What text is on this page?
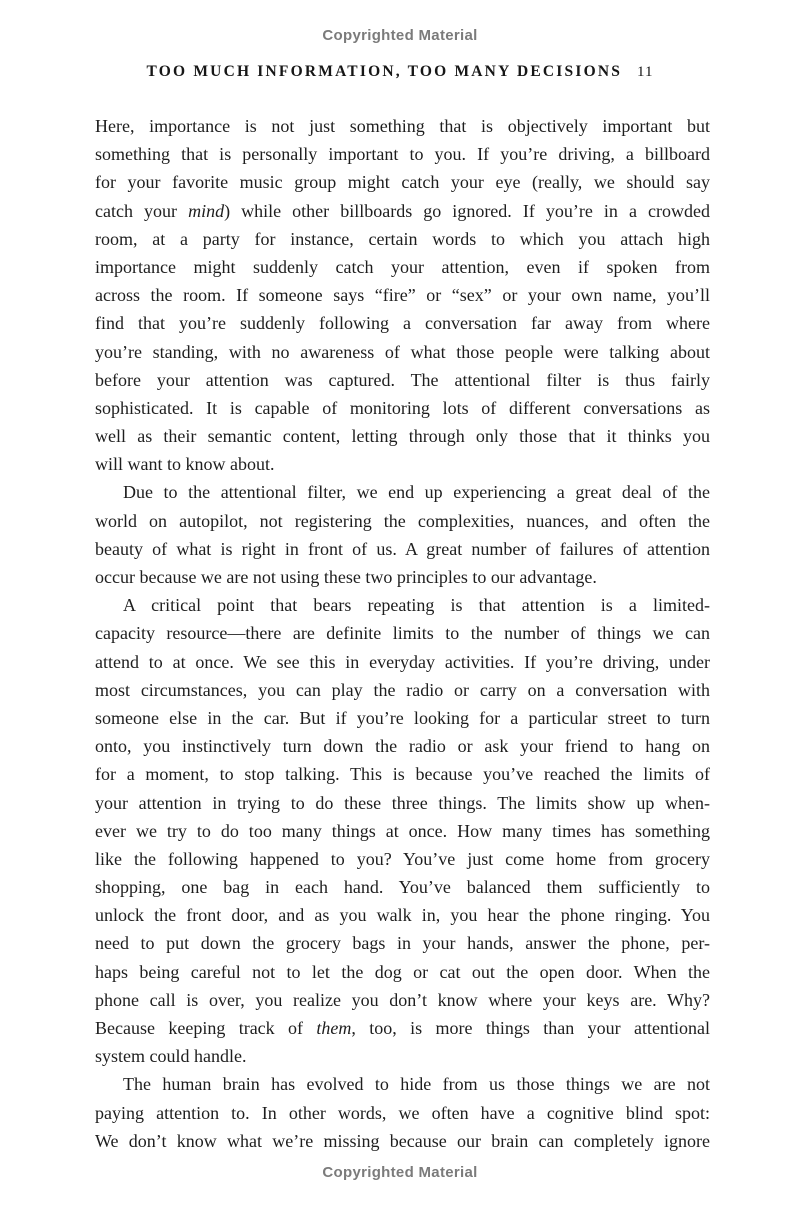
Copyrighted Material
TOO MUCH INFORMATION, TOO MANY DECISIONS 11
Here, importance is not just something that is objectively important but
something that is personally important to you. If you’re driving, a billboard
for your favorite music group might catch your eye (really, we should say
catch your mind) while other billboards go ignored. If you’re in a crowded
room, at a party for instance, certain words to which you attach high
importance might suddenly catch your attention, even if spoken from
across the room. If someone says “fire” or “sex” or your own name, you’ll
find that you’re suddenly following a conversation far away from where
you’re standing, with no awareness of what those people were talking about
before your attention was captured. The attentional filter is thus fairly
sophisticated. It is capable of monitoring lots of different conversations as
well as their semantic content, letting through only those that it thinks you
will want to know about.
Due to the attentional filter, we end up experiencing a great deal of the
world on autopilot, not registering the complexities, nuances, and often the
beauty of what is right in front of us. A great number of failures of attention
occur because we are not using these two principles to our advantage.
A critical point that bears repeating is that attention is a limited-
capacity resource—there are definite limits to the number of things we can
attend to at once. We see this in everyday activities. If you’re driving, under
most circumstances, you can play the radio or carry on a conversation with
someone else in the car. But if you’re looking for a particular street to turn
onto, you instinctively turn down the radio or ask your friend to hang on
for a moment, to stop talking. This is because you’ve reached the limits of
your attention in trying to do these three things. The limits show up when-
ever we try to do too many things at once. How many times has something
like the following happened to you? You’ve just come home from grocery
shopping, one bag in each hand. You’ve balanced them sufficiently to
unlock the front door, and as you walk in, you hear the phone ringing. You
need to put down the grocery bags in your hands, answer the phone, per-
haps being careful not to let the dog or cat out the open door. When the
phone call is over, you realize you don’t know where your keys are. Why?
Because keeping track of them, too, is more things than your attentional
system could handle.
The human brain has evolved to hide from us those things we are not
paying attention to. In other words, we often have a cognitive blind spot:
We don’t know what we’re missing because our brain can completely ignore
Copyrighted Material
